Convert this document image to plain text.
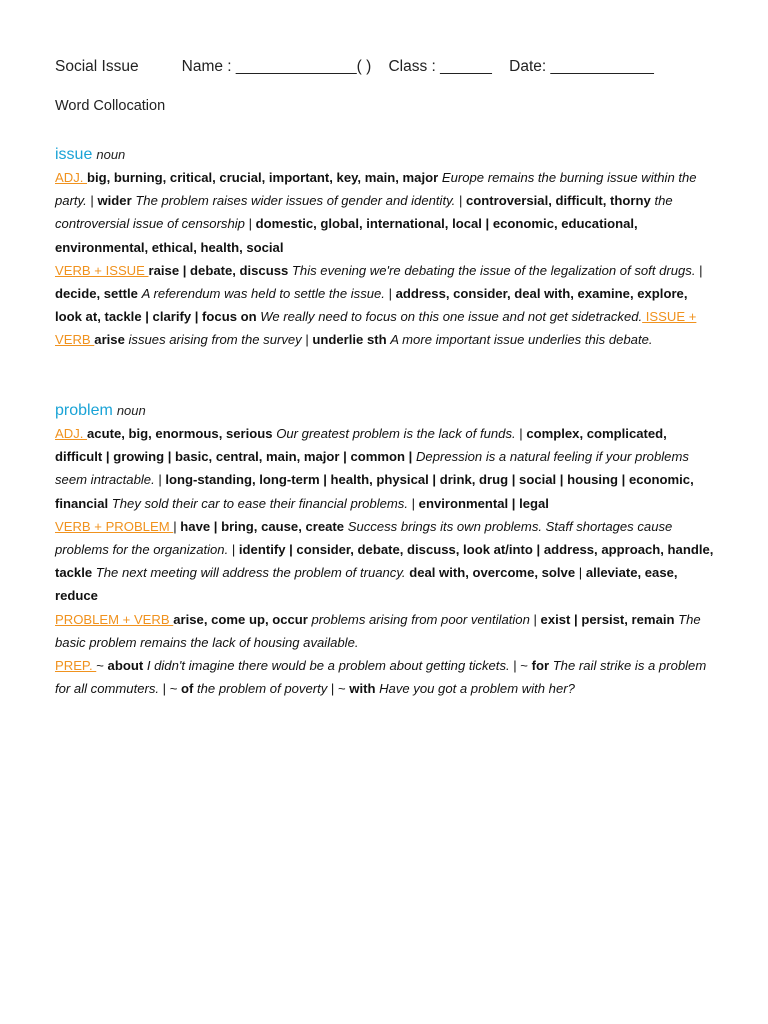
Social Issue	Name : ______________( ) Class : ______ Date: ____________
Word Collocation
issue noun
ADJ. big, burning, critical, crucial, important, key, main, major Europe remains the burning issue within the party. | wider The problem raises wider issues of gender and identity. | controversial, difficult, thorny the controversial issue of censorship | domestic, global, international, local | economic, educational, environmental, ethical, health, social
VERB + ISSUE raise | debate, discuss This evening we're debating the issue of the legalization of soft drugs. | decide, settle A referendum was held to settle the issue. | address, consider, deal with, examine, explore, look at, tackle | clarify | focus on We really need to focus on this one issue and not get sidetracked. ISSUE + VERB arise issues arising from the survey | underlie sth A more important issue underlies this debate.
problem noun
ADJ. acute, big, enormous, serious Our greatest problem is the lack of funds. | complex, complicated, difficult | growing | basic, central, main, major | common | Depression is a natural feeling if your problems seem intractable. | long-standing, long-term | health, physical | drink, drug | social | housing | economic, financial They sold their car to ease their financial problems. | environmental | legal
VERB + PROBLEM | have | bring, cause, create Success brings its own problems. Staff shortages cause problems for the organization. | identify | consider, debate, discuss, look at/into | address, approach, handle, tackle The next meeting will address the problem of truancy. deal with, overcome, solve | alleviate, ease, reduce
PROBLEM + VERB arise, come up, occur problems arising from poor ventilation | exist | persist, remain The basic problem remains the lack of housing available.
PREP. ~ about I didn't imagine there would be a problem about getting tickets. | ~ for The rail strike is a problem for all commuters. | ~ of the problem of poverty | ~ with Have you got a problem with her?
